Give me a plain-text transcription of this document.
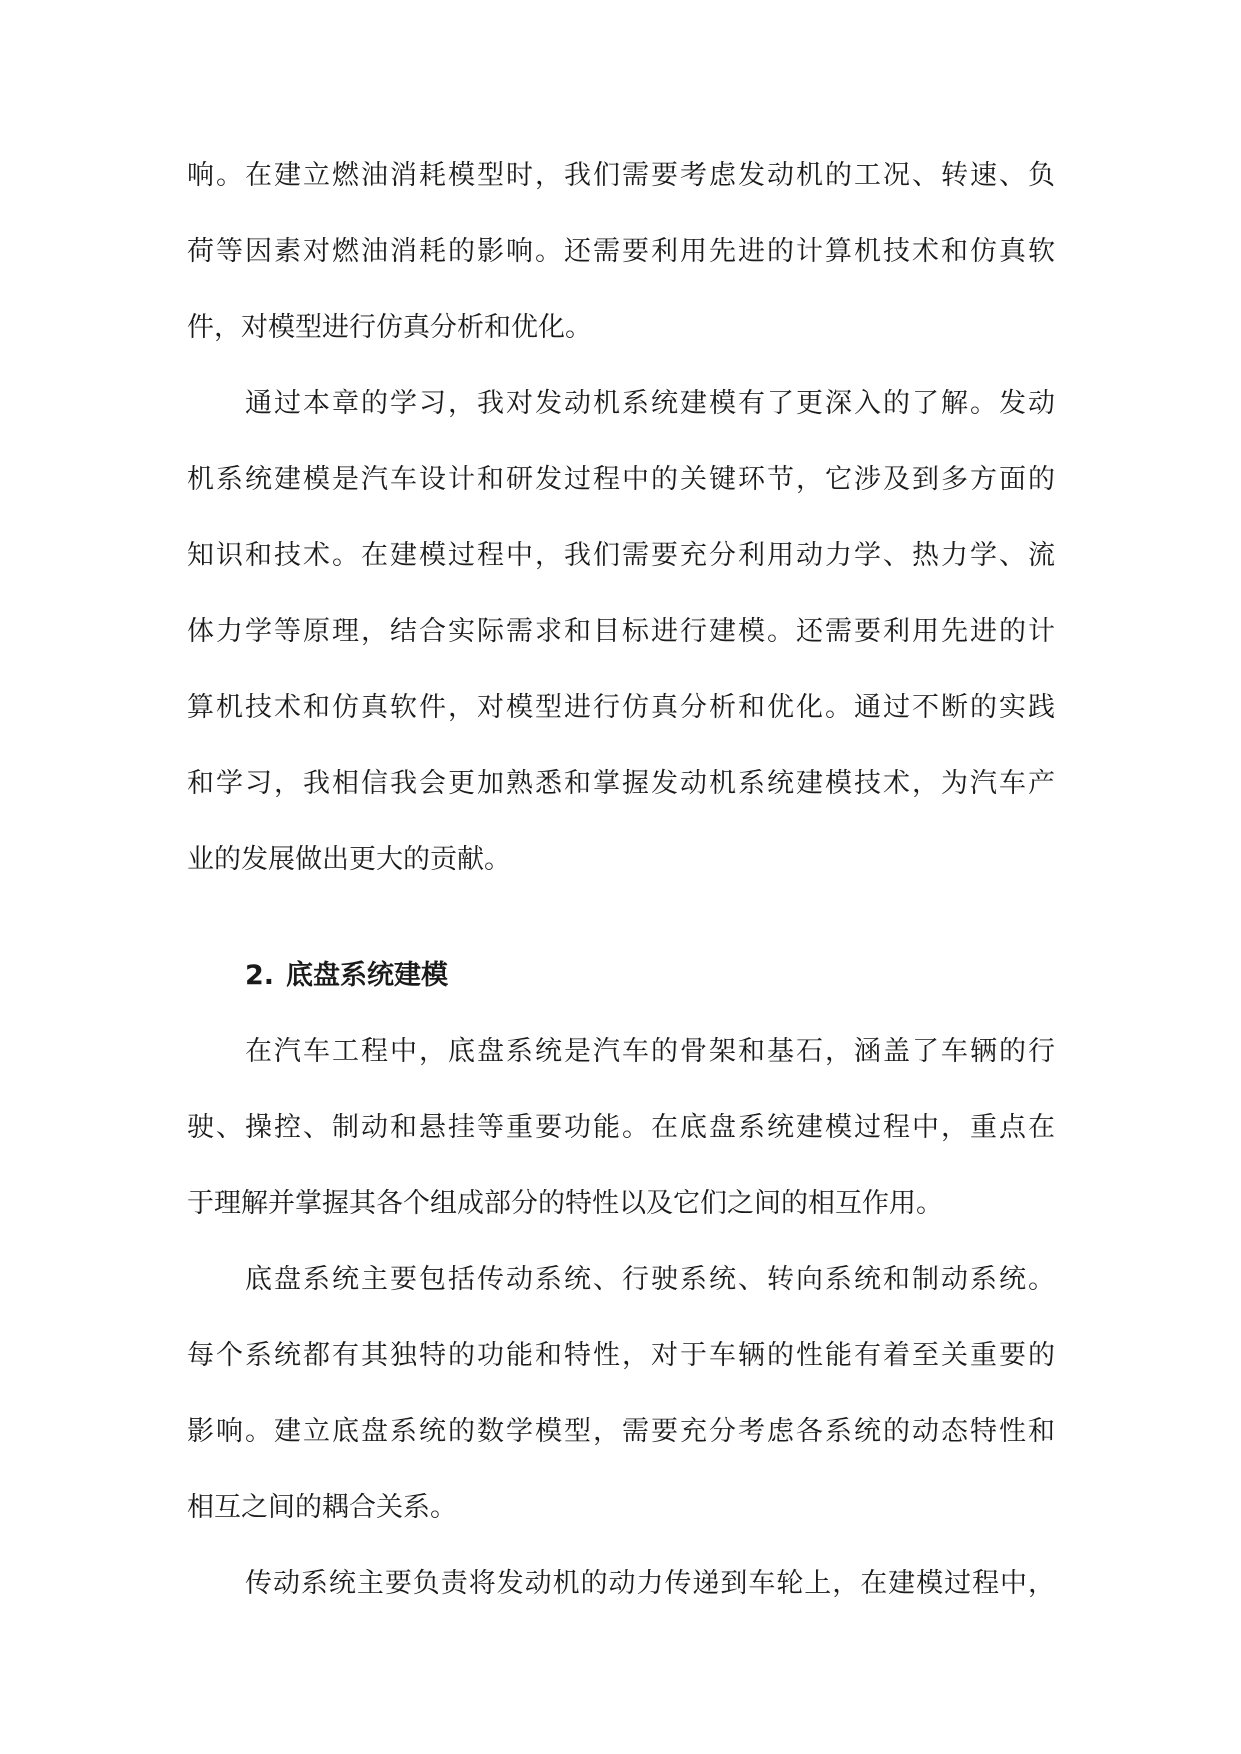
响。在建立燃油消耗模型时，我们需要考虑发动机的工况、转速、负
荷等因素对燃油消耗的影响。还需要利用先进的计算机技术和仿真软
件，对模型进行仿真分析和优化。
通过本章的学习，我对发动机系统建模有了更深入的了解。发动
机系统建模是汽车设计和研发过程中的关键环节，它涉及到多方面的
知识和技术。在建模过程中，我们需要充分利用动力学、热力学、流
体力学等原理，结合实际需求和目标进行建模。还需要利用先进的计
算机技术和仿真软件，对模型进行仿真分析和优化。通过不断的实践
和学习，我相信我会更加熟悉和掌握发动机系统建模技术，为汽车产
业的发展做出更大的贡献。
2. 底盘系统建模
在汽车工程中，底盘系统是汽车的骨架和基石，涵盖了车辆的行
驶、操控、制动和悬挂等重要功能。在底盘系统建模过程中，重点在
于理解并掌握其各个组成部分的特性以及它们之间的相互作用。
底盘系统主要包括传动系统、行驶系统、转向系统和制动系统。
每个系统都有其独特的功能和特性，对于车辆的性能有着至关重要的
影响。建立底盘系统的数学模型，需要充分考虑各系统的动态特性和
相互之间的耦合关系。
传动系统主要负责将发动机的动力传递到车轮上，在建模过程中，
